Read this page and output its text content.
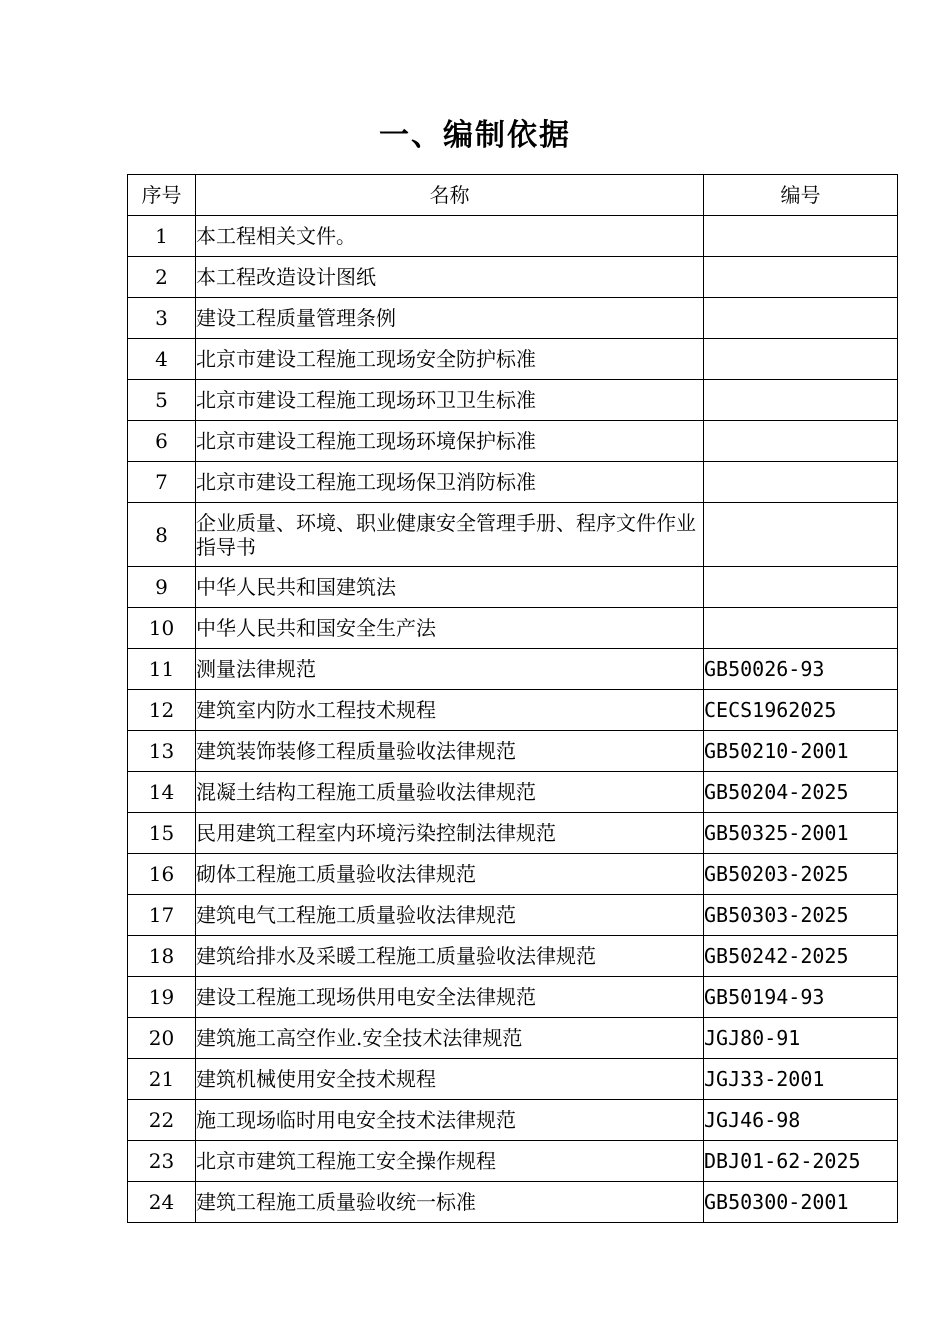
一、编制依据
序号	名称	编号
1	本工程相关文件。	
2	本工程改造设计图纸	
3	建设工程质量管理条例	
4	北京市建设工程施工现场安全防护标准	
5	北京市建设工程施工现场环卫卫生标准	
6	北京市建设工程施工现场环境保护标准	
7	北京市建设工程施工现场保卫消防标准	
8	企业质量、环境、职业健康安全管理手册、程序文件作业指导书	
9	中华人民共和国建筑法	
10	中华人民共和国安全生产法	
11	测量法律规范	GB50026-93
12	建筑室内防水工程技术规程	CECS1962025
13	建筑装饰装修工程质量验收法律规范	GB50210-2001
14	混凝土结构工程施工质量验收法律规范	GB50204-2025
15	民用建筑工程室内环境污染控制法律规范	GB50325-2001
16	砌体工程施工质量验收法律规范	GB50203-2025
17	建筑电气工程施工质量验收法律规范	GB50303-2025
18	建筑给排水及采暖工程施工质量验收法律规范	GB50242-2025
19	建设工程施工现场供用电安全法律规范	GB50194-93
20	建筑施工高空作业.安全技术法律规范	JGJ80-91
21	建筑机械使用安全技术规程	JGJ33-2001
22	施工现场临时用电安全技术法律规范	JGJ46-98
23	北京市建筑工程施工安全操作规程	DBJ01-62-2025
24	建筑工程施工质量验收统一标准	GB50300-2001
